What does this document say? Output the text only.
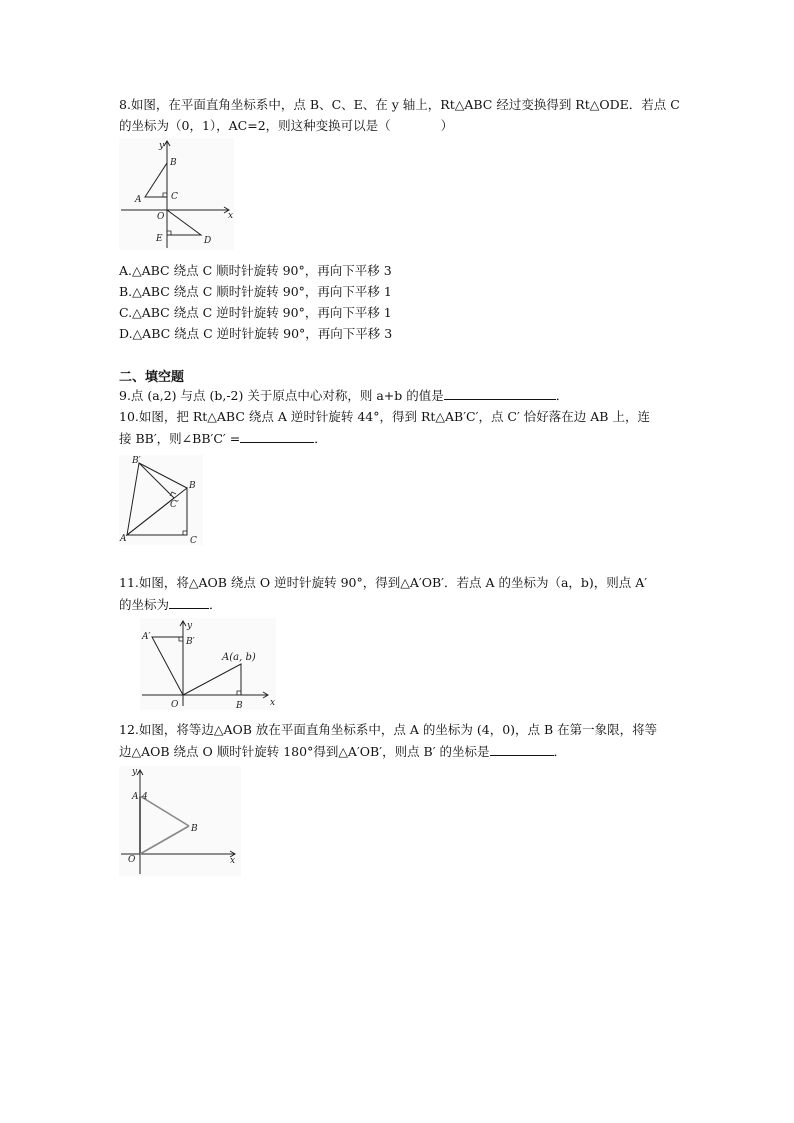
8.如图，在平面直角坐标系中，点 B、C、E、在 y 轴上，Rt△ABC 经过变换得到 Rt△ODE．若点 C
的坐标为（0，1），AC=2，则这种变换可以是（　　　　）
y
B
C
A
O
E	D
x
A.△ABC 绕点 C 顺时针旋转 90°，再向下平移 3
B.△ABC 绕点 C 顺时针旋转 90°，再向下平移 1
C.△ABC 绕点 C 逆时针旋转 90°，再向下平移 1
D.△ABC 绕点 C 逆时针旋转 90°，再向下平移 3
二、填空题
9.点 (a,2) 与点 (b,-2) 关于原点中心对称，则 a+b 的值是	．
10.如图，把 Rt△ABC 绕点 A 逆时针旋转 44°，得到 Rt△AB′C′，点 C′ 恰好落在边 AB 上，连
接 BB′，则∠BB′C′ =	．
B′
B
C′
A	C
11.如图，将△AOB 绕点 O 逆时针旋转 90°，得到△A′OB′．若点 A 的坐标为（a，b)，则点 A′
的坐标为	．
y
A′	B′
A(a, b)
O	B	x
12.如图，将等边△AOB 放在平面直角坐标系中，点 A 的坐标为 (4，0)，点 B 在第一象限，将等
边△AOB 绕点 O 顺时针旋转 180°得到△A′OB′，则点 B′ 的坐标是	．
y
A 4
B
O	x
